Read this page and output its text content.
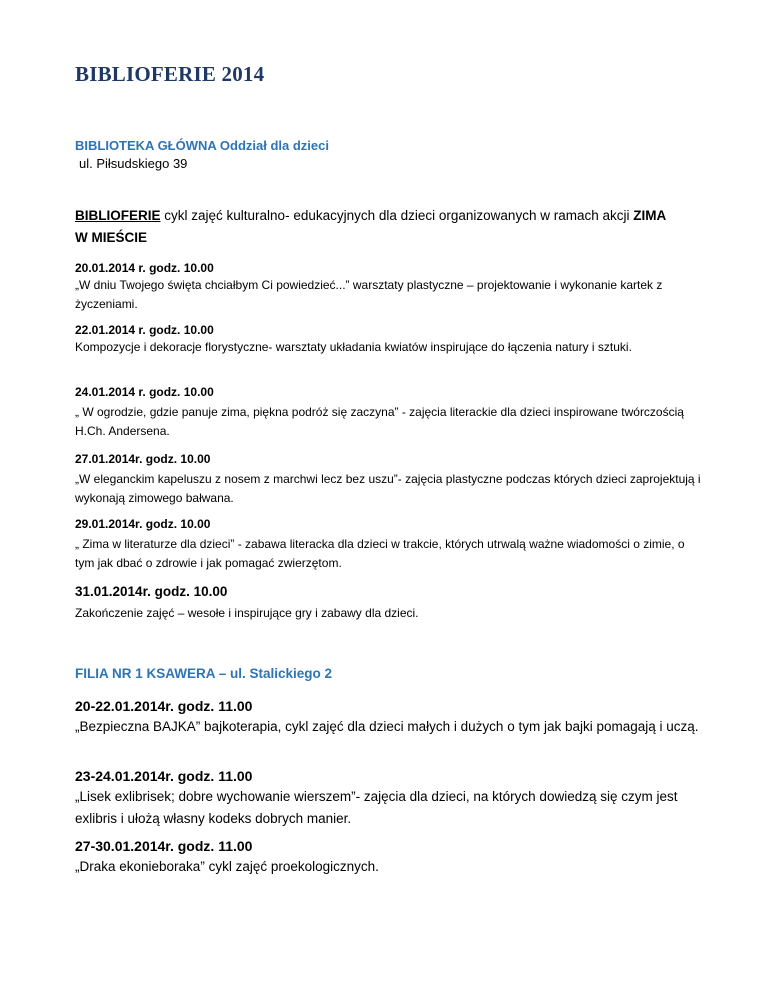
BIBLIOFERIE 2014
BIBLIOTEKA GŁÓWNA Oddział dla dzieci
ul. Piłsudskiego 39
BIBLIOFERIE cykl zajęć kulturalno- edukacyjnych dla dzieci organizowanych w ramach akcji ZIMA
W MIEŚCIE
20.01.2014 r. godz. 10.00
„W dniu Twojego święta chciałbym Ci powiedzieć...” warsztaty plastyczne – projektowanie i wykonanie kartek z życzeniami.
22.01.2014 r. godz. 10.00
Kompozycje i dekoracje florystyczne- warsztaty układania kwiatów inspirujące do łączenia natury i sztuki.
24.01.2014 r. godz. 10.00
„ W ogrodzie, gdzie panuje zima, piękna podróż się zaczyna” - zajęcia literackie dla dzieci inspirowane twórczością H.Ch. Andersena.
27.01.2014r. godz. 10.00
„W eleganckim kapeluszu z nosem z marchwi lecz bez uszu”- zajęcia plastyczne podczas których dzieci zaprojektują i wykonają zimowego bałwana.
29.01.2014r. godz. 10.00
„ Zima w literaturze dla dzieci” - zabawa literacka dla dzieci w trakcie, których utrwalą ważne wiadomości o zimie, o tym jak dbać o zdrowie i jak pomagać zwierzętom.
31.01.2014r. godz. 10.00
Zakończenie zajęć – wesołe i inspirujące gry i zabawy dla dzieci.
FILIA NR 1 KSAWERA – ul. Stalickiego 2
20-22.01.2014r. godz. 11.00
„Bezpieczna BAJKA” bajkoterapia, cykl zajęć dla dzieci małych i dużych o tym jak bajki pomagają i uczą.
23-24.01.2014r. godz. 11.00
„Lisek exlibrisek; dobre wychowanie wierszem”- zajęcia dla dzieci, na których dowiedzą się czym jest exlibris i ułożą własny kodeks dobrych manier.
27-30.01.2014r. godz. 11.00
„Draka ekonieboraka” cykl zajęć proekologicznych.
